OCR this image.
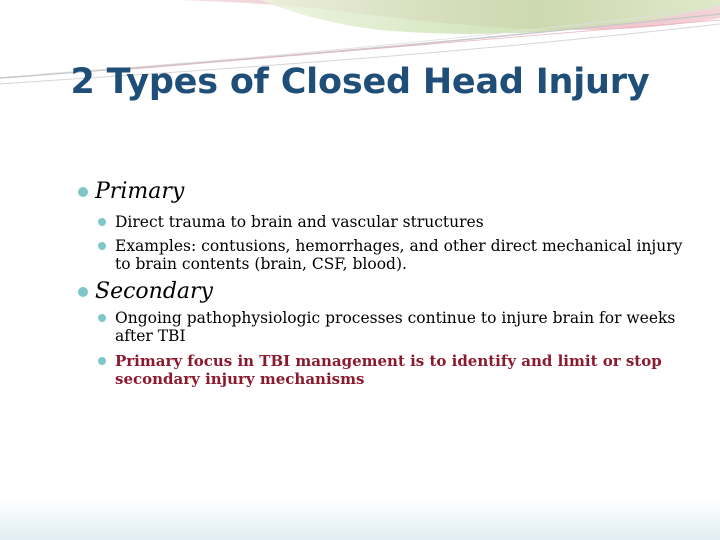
2 Types of Closed Head Injury
Primary
Direct trauma to brain and vascular structures
Examples: contusions, hemorrhages, and other direct mechanical injury to brain contents (brain, CSF, blood).
Secondary
Ongoing pathophysiologic processes continue to injure brain for weeks after TBI
Primary focus in TBI management is to identify and limit or stop secondary injury mechanisms
